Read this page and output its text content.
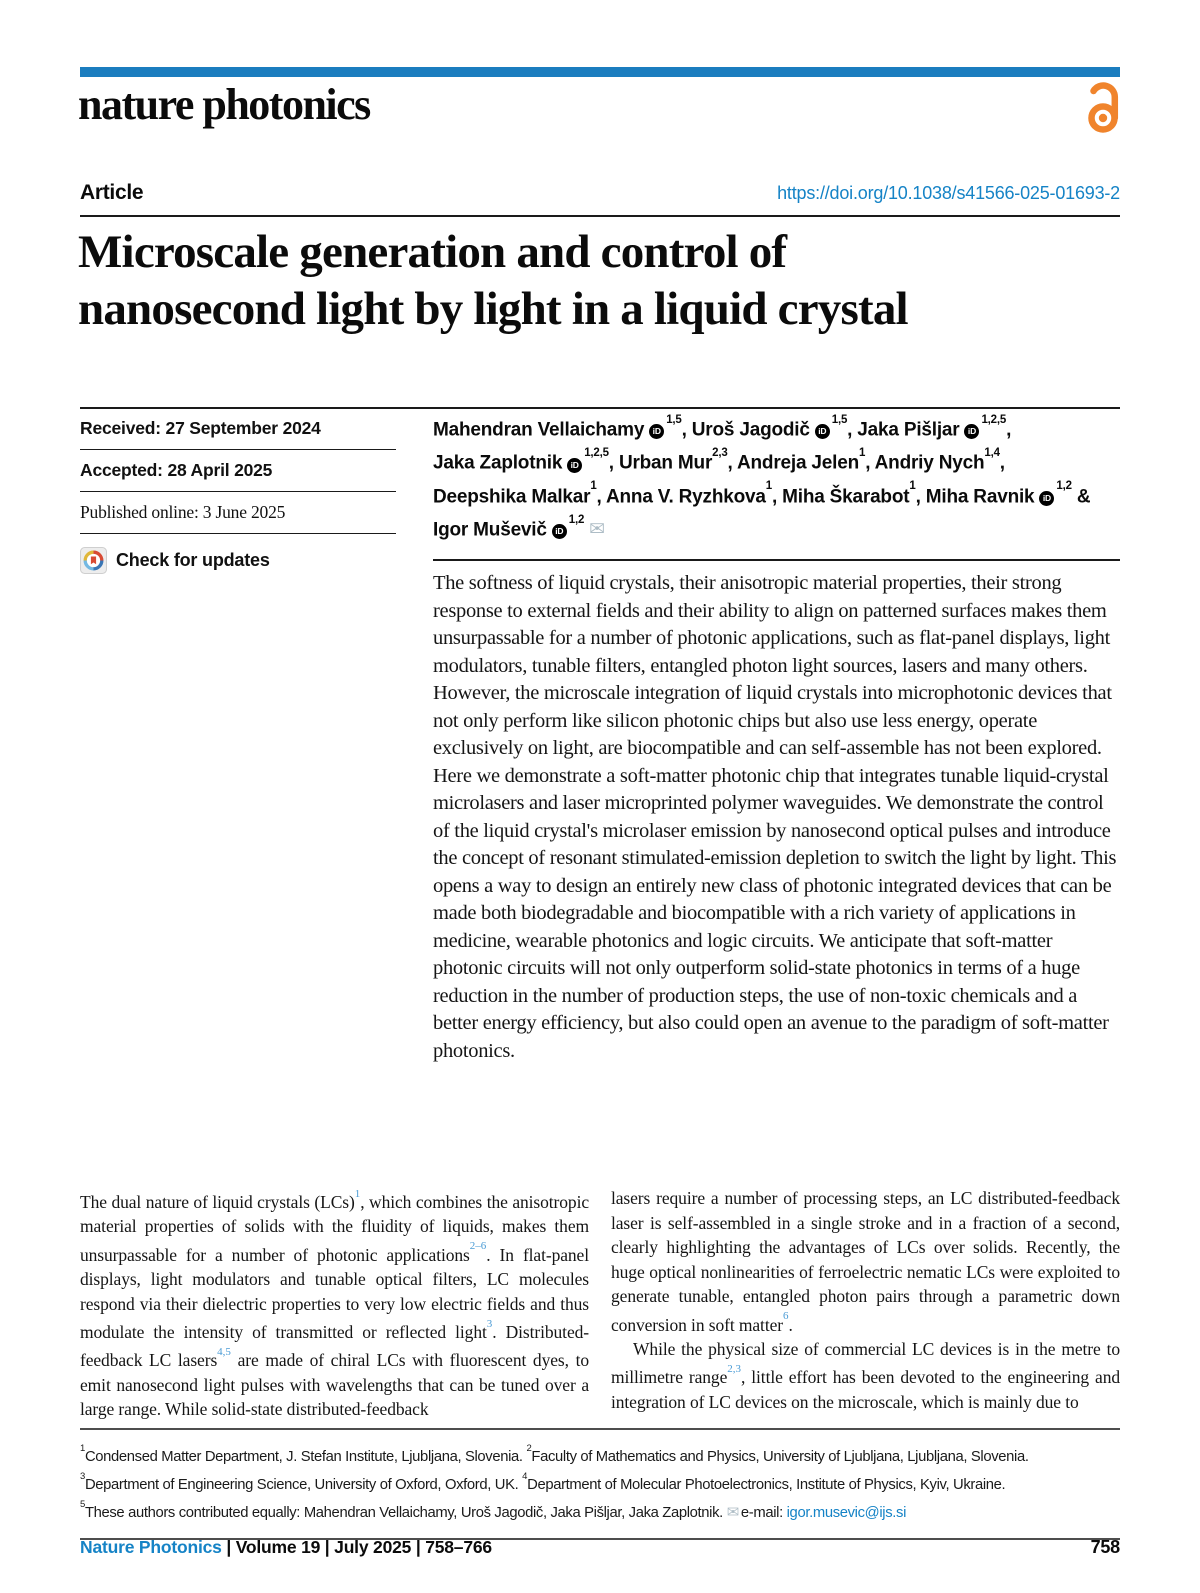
nature photonics
Article	https://doi.org/10.1038/s41566-025-01693-2
Microscale generation and control of
nanosecond light by light in a liquid crystal
Received: 27 September 2024
Accepted: 28 April 2025
Published online: 3 June 2025
Check for updates
Mahendran Vellaichamy iD$^{1,5}$, Uroš Jagodič iD$^{1,5}$, Jaka Pišljar iD$^{1,2,5}$,
Jaka Zaplotnik iD$^{1,2,5}$, Urban Mur$^{2,3}$, Andreja Jelen$^1$, Andriy Nych$^{1,4}$,
Deepshika Malkar$^1$, Anna V. Ryzhkova$^1$, Miha Škarabot$^1$, Miha Ravnik iD$^{1,2}$ &
Igor Muševič iD$^{1,2}$ ✉
The softness of liquid crystals, their anisotropic material properties, their strong response to external fields and their ability to align on patterned surfaces makes them unsurpassable for a number of photonic applications, such as flat-panel displays, light modulators, tunable filters, entangled photon light sources, lasers and many others. However, the microscale integration of liquid crystals into microphotonic devices that not only perform like silicon photonic chips but also use less energy, operate exclusively on light, are biocompatible and can self-assemble has not been explored. Here we demonstrate a soft-matter photonic chip that integrates tunable liquid-crystal microlasers and laser microprinted polymer waveguides. We demonstrate the control of the liquid crystal's microlaser emission by nanosecond optical pulses and introduce the concept of resonant stimulated-emission depletion to switch the light by light. This opens a way to design an entirely new class of photonic integrated devices that can be made both biodegradable and biocompatible with a rich variety of applications in medicine, wearable photonics and logic circuits. We anticipate that soft-matter photonic circuits will not only outperform solid-state photonics in terms of a huge reduction in the number of production steps, the use of non-toxic chemicals and a better energy efficiency, but also could open an avenue to the paradigm of soft-matter photonics.

The dual nature of liquid crystals (LCs)$^1$, which combines the anisotropic material properties of solids with the fluidity of liquids, makes them unsurpassable for a number of photonic applications$^{2-6}$. In flat-panel displays, light modulators and tunable optical filters, LC molecules respond via their dielectric properties to very low electric fields and thus modulate the intensity of transmitted or reflected light$^3$. Distributed-feedback LC lasers$^{4,5}$ are made of chiral LCs with fluorescent dyes, to emit nanosecond light pulses with wavelengths that can be tuned over a large range. While solid-state distributed-feedback

lasers require a number of processing steps, an LC distributed-feedback laser is self-assembled in a single stroke and in a fraction of a second, clearly highlighting the advantages of LCs over solids. Recently, the huge optical nonlinearities of ferroelectric nematic LCs were exploited to generate tunable, entangled photon pairs through a parametric down conversion in soft matter$^6$.

While the physical size of commercial LC devices is in the metre to millimetre range$^{2,3}$, little effort has been devoted to the engineering and integration of LC devices on the microscale, which is mainly due to

$^1$Condensed Matter Department, J. Stefan Institute, Ljubljana, Slovenia. $^2$Faculty of Mathematics and Physics, University of Ljubljana, Ljubljana, Slovenia.
$^3$Department of Engineering Science, University of Oxford, Oxford, UK. $^4$Department of Molecular Photoelectronics, Institute of Physics, Kyiv, Ukraine.
$^5$These authors contributed equally: Mahendran Vellaichamy, Uroš Jagodič, Jaka Pišljar, Jaka Zaplotnik. ✉ e-mail: igor.musevic@ijs.si
Nature Photonics | Volume 19 | July 2025 | 758–766	758
